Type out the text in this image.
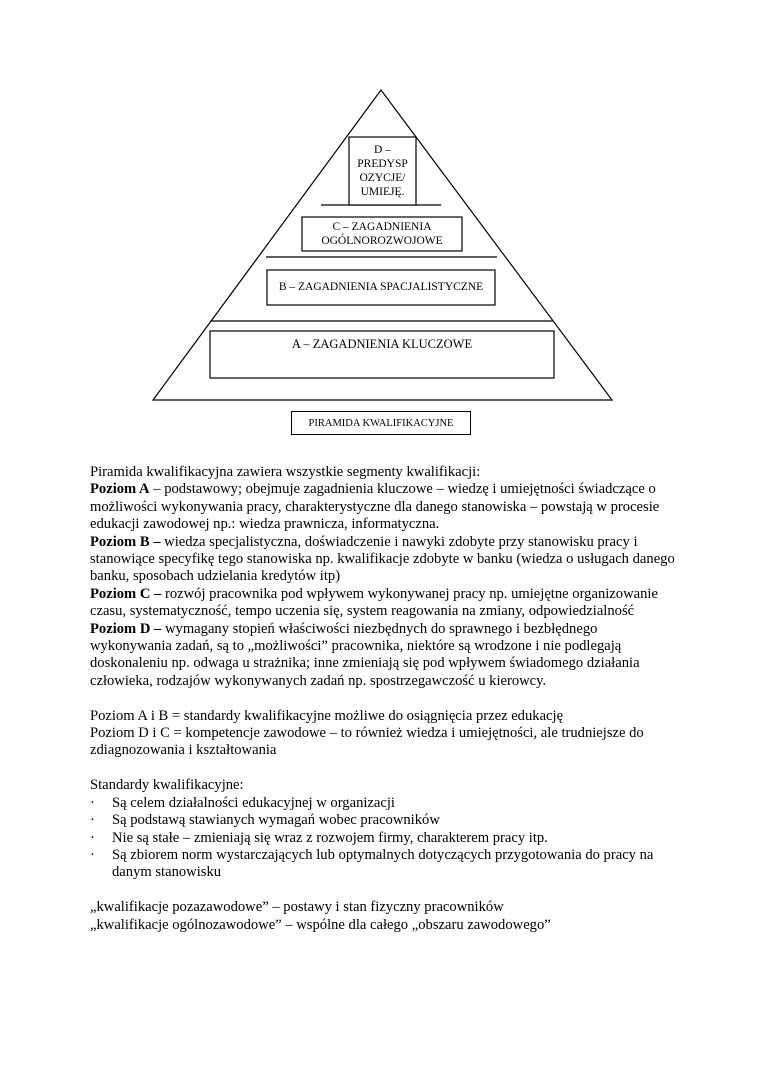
D –
PREDYSP
OZYCJE/
UMIEJĘ.
C – ZAGADNIENIA
OGÓLNOROZWOJOWE
B – ZAGADNIENIA SPACJALISTYCZNE
A – ZAGADNIENIA KLUCZOWE
PIRAMIDA KWALIFIKACYJNE

Piramida kwalifikacyjna zawiera wszystkie segmenty kwalifikacji:

Poziom A – podstawowy; obejmuje zagadnienia kluczowe – wiedzę i umiejętności świadczące o możliwości wykonywania pracy, charakterystyczne dla danego stanowiska – powstają w procesie edukacji zawodowej np.: wiedza prawnicza, informatyczna.

Poziom B – wiedza specjalistyczna, doświadczenie i nawyki zdobyte przy stanowisku pracy i stanowiące specyfikę tego stanowiska np. kwalifikacje zdobyte w banku (wiedza o usługach danego banku, sposobach udzielania kredytów itp)

Poziom C – rozwój pracownika pod wpływem wykonywanej pracy np. umiejętne organizowanie czasu, systematyczność, tempo uczenia się, system reagowania na zmiany, odpowiedzialność

Poziom D – wymagany stopień właściwości niezbędnych do sprawnego i bezbłędnego wykonywania zadań, są to „możliwości” pracownika, niektóre są wrodzone i nie podlegają doskonaleniu np. odwaga u strażnika; inne zmieniają się pod wpływem świadomego działania człowieka, rodzajów wykonywanych zadań np. spostrzegawczość u kierowcy.

Poziom A i B = standardy kwalifikacyjne możliwe do osiągnięcia przez edukację

Poziom D i C = kompetencje zawodowe – to również wiedza i umiejętności, ale trudniejsze do zdiagnozowania i kształtowania

Standardy kwalifikacyjne:

·	Są celem działalności edukacyjnej w organizacji
·	Są podstawą stawianych wymagań wobec pracowników
·	Nie są stałe – zmieniają się wraz z rozwojem firmy, charakterem pracy itp.
·	Są zbiorem norm wystarczających lub optymalnych dotyczących przygotowania do pracy na danym stanowisku

„kwalifikacje pozazawodowe” – postawy i stan fizyczny pracowników

„kwalifikacje ogólnozawodowe” – wspólne dla całego „obszaru zawodowego”
